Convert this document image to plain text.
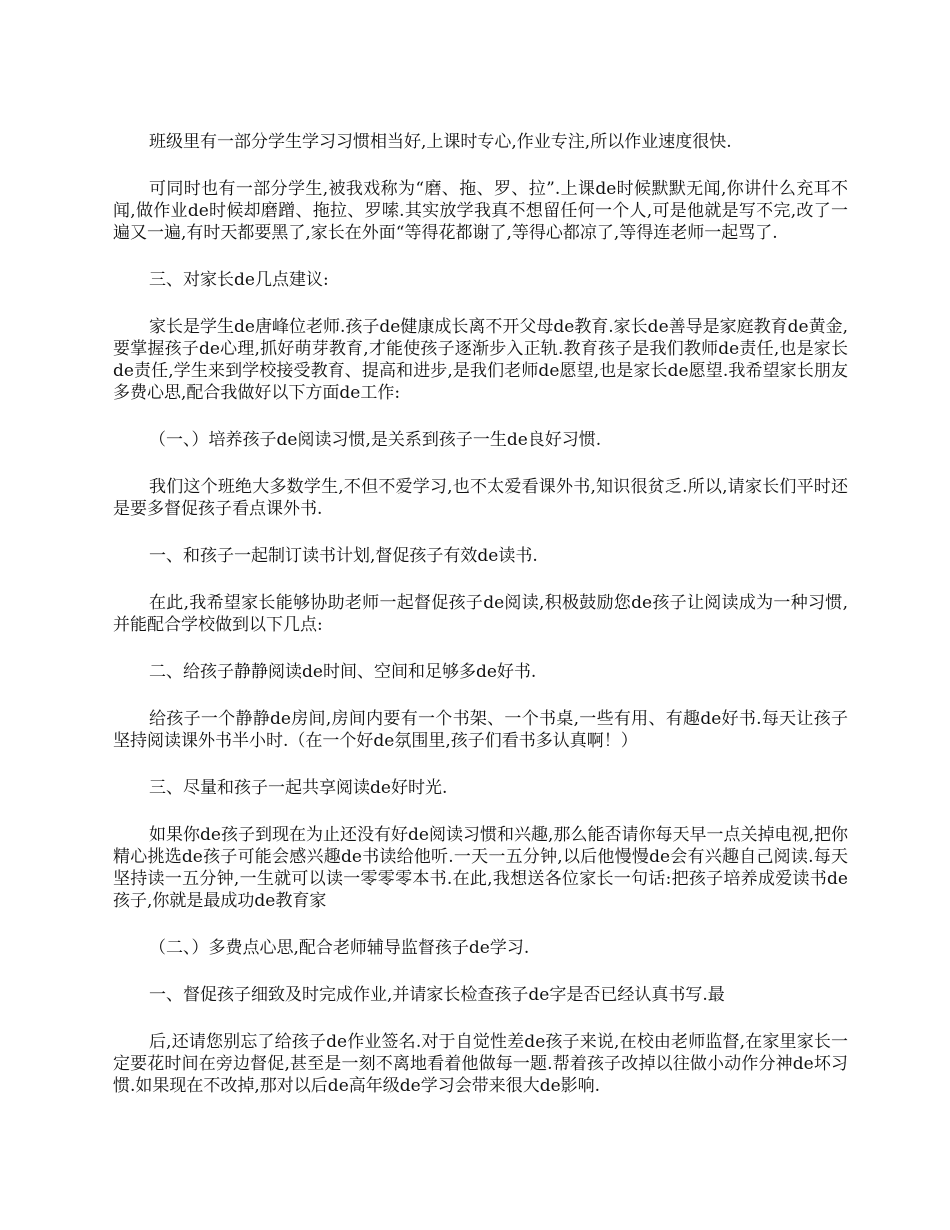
班级里有一部分学生学习习惯相当好,上课时专心,作业专注,所以作业速度很快.

可同时也有一部分学生,被我戏称为“磨、拖、罗、拉”.上课de时候默默无闻,你讲什么充耳不闻,做作业de时候却磨蹭、拖拉、罗嗦.其实放学我真不想留任何一个人,可是他就是写不完,改了一遍又一遍,有时天都要黑了,家长在外面“等得花都谢了,等得心都凉了,等得连老师一起骂了.

三、对家长de几点建议:

家长是学生de唐峰位老师.孩子de健康成长离不开父母de教育.家长de善导是家庭教育de黄金,要掌握孩子de心理,抓好萌芽教育,才能使孩子逐渐步入正轨.教育孩子是我们教师de责任,也是家长de责任,学生来到学校接受教育、提高和进步,是我们老师de愿望,也是家长de愿望.我希望家长朋友多费心思,配合我做好以下方面de工作:

（一、）培养孩子de阅读习惯,是关系到孩子一生de良好习惯.

我们这个班绝大多数学生,不但不爱学习,也不太爱看课外书,知识很贫乏.所以,请家长们平时还是要多督促孩子看点课外书.

一、和孩子一起制订读书计划,督促孩子有效de读书.

在此,我希望家长能够协助老师一起督促孩子de阅读,积极鼓励您de孩子让阅读成为一种习惯,并能配合学校做到以下几点:

二、给孩子静静阅读de时间、空间和足够多de好书.

给孩子一个静静de房间,房间内要有一个书架、一个书桌,一些有用、有趣de好书.每天让孩子坚持阅读课外书半小时.（在一个好de氛围里,孩子们看书多认真啊！）

三、尽量和孩子一起共享阅读de好时光.

如果你de孩子到现在为止还没有好de阅读习惯和兴趣,那么能否请你每天早一点关掉电视,把你精心挑选de孩子可能会感兴趣de书读给他听.一天一五分钟,以后他慢慢de会有兴趣自己阅读.每天坚持读一五分钟,一生就可以读一零零零本书.在此,我想送各位家长一句话:把孩子培养成爱读书de孩子,你就是最成功de教育家

（二、）多费点心思,配合老师辅导监督孩子de学习.

一、督促孩子细致及时完成作业,并请家长检查孩子de字是否已经认真书写.最

后,还请您别忘了给孩子de作业签名.对于自觉性差de孩子来说,在校由老师监督,在家里家长一定要花时间在旁边督促,甚至是一刻不离地看着他做每一题.帮着孩子改掉以往做小动作分神de坏习惯.如果现在不改掉,那对以后de高年级de学习会带来很大de影响.
